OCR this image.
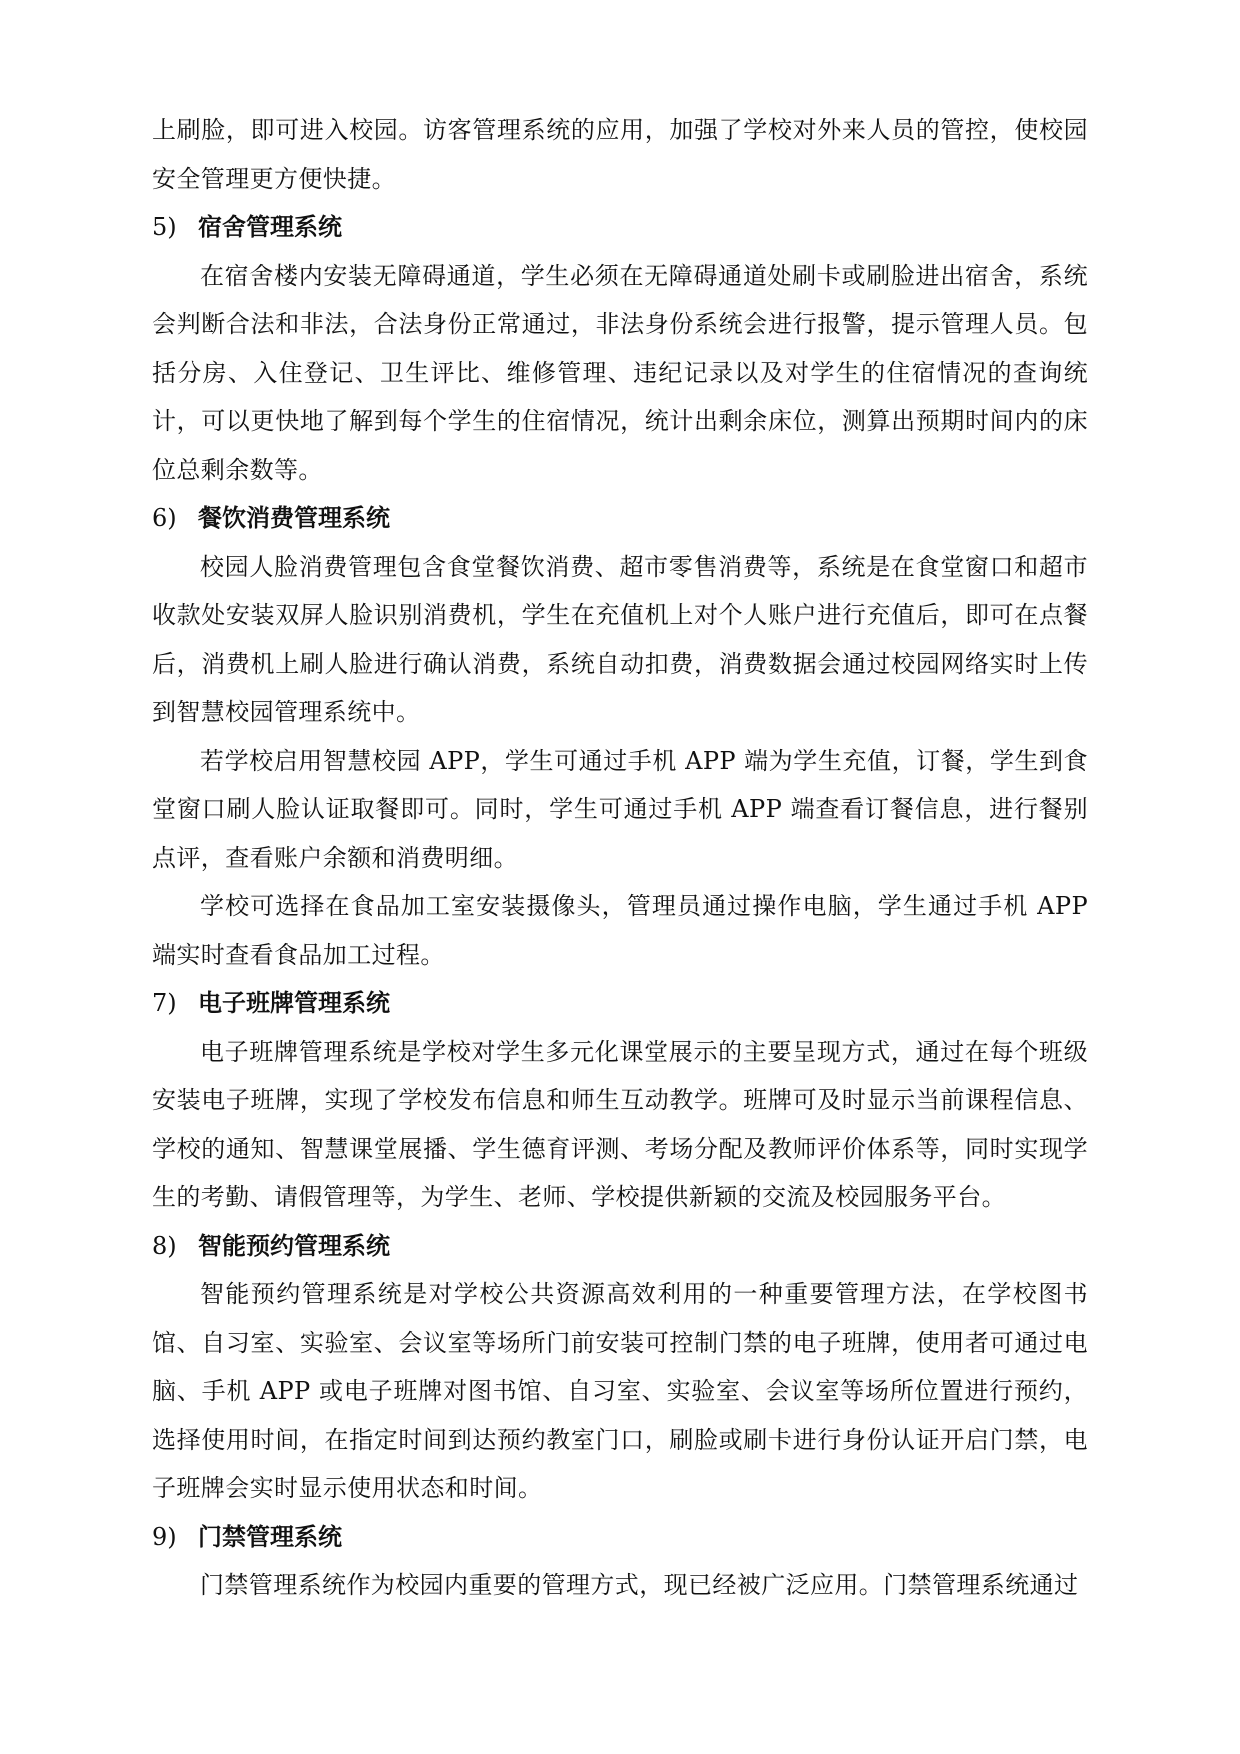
上刷脸，即可进入校园。访客管理系统的应用，加强了学校对外来人员的管控，使校园安全管理更方便快捷。

5) 宿舍管理系统

在宿舍楼内安装无障碍通道，学生必须在无障碍通道处刷卡或刷脸进出宿舍，系统会判断合法和非法，合法身份正常通过，非法身份系统会进行报警，提示管理人员。包括分房、入住登记、卫生评比、维修管理、违纪记录以及对学生的住宿情况的查询统计，可以更快地了解到每个学生的住宿情况，统计出剩余床位，测算出预期时间内的床位总剩余数等。

6) 餐饮消费管理系统

校园人脸消费管理包含食堂餐饮消费、超市零售消费等，系统是在食堂窗口和超市收款处安装双屏人脸识别消费机，学生在充值机上对个人账户进行充值后，即可在点餐后，消费机上刷人脸进行确认消费，系统自动扣费，消费数据会通过校园网络实时上传到智慧校园管理系统中。

若学校启用智慧校园 APP，学生可通过手机 APP 端为学生充值，订餐，学生到食堂窗口刷人脸认证取餐即可。同时，学生可通过手机 APP 端查看订餐信息，进行餐别点评，查看账户余额和消费明细。

学校可选择在食品加工室安装摄像头，管理员通过操作电脑，学生通过手机 APP 端实时查看食品加工过程。

7) 电子班牌管理系统

电子班牌管理系统是学校对学生多元化课堂展示的主要呈现方式，通过在每个班级安装电子班牌，实现了学校发布信息和师生互动教学。班牌可及时显示当前课程信息、学校的通知、智慧课堂展播、学生德育评测、考场分配及教师评价体系等，同时实现学生的考勤、请假管理等，为学生、老师、学校提供新颖的交流及校园服务平台。

8) 智能预约管理系统

智能预约管理系统是对学校公共资源高效利用的一种重要管理方法，在学校图书馆、自习室、实验室、会议室等场所门前安装可控制门禁的电子班牌，使用者可通过电脑、手机 APP 或电子班牌对图书馆、自习室、实验室、会议室等场所位置进行预约，选择使用时间，在指定时间到达预约教室门口，刷脸或刷卡进行身份认证开启门禁，电子班牌会实时显示使用状态和时间。

9) 门禁管理系统

门禁管理系统作为校园内重要的管理方式，现已经被广泛应用。门禁管理系统通过
